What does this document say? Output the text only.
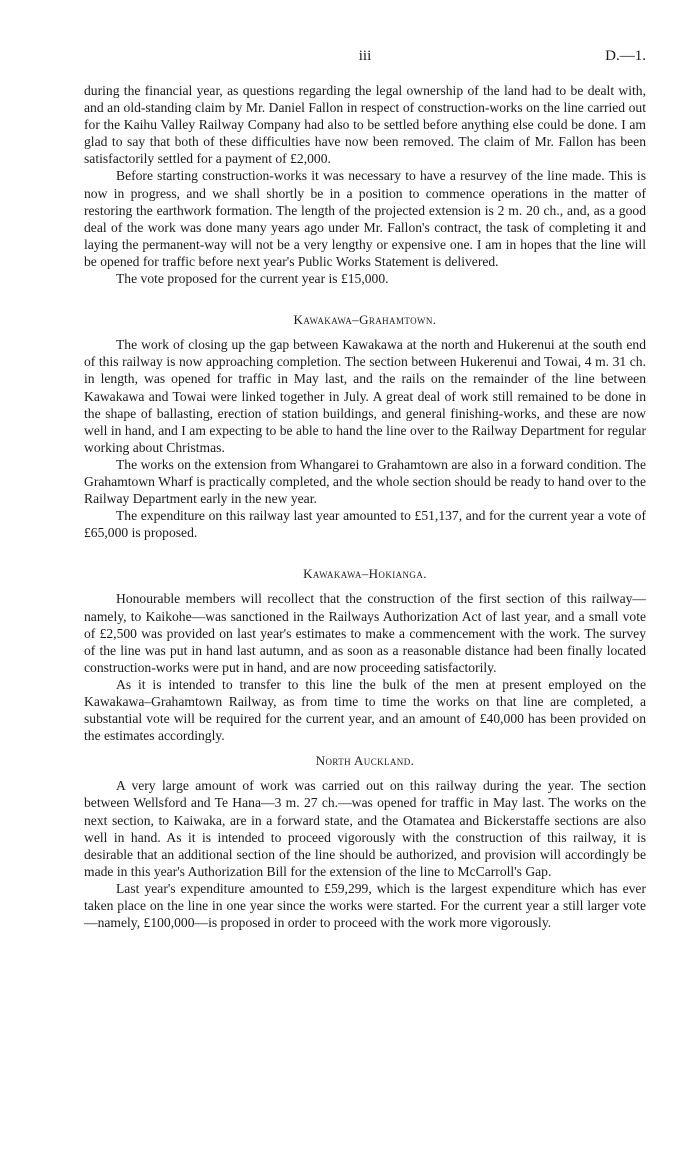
iii	D.—1.

during the financial year, as questions regarding the legal ownership of the land had to be dealt with, and an old-standing claim by Mr. Daniel Fallon in respect of construction-works on the line carried out for the Kaihu Valley Railway Company had also to be settled before anything else could be done. I am glad to say that both of these difficulties have now been removed. The claim of Mr. Fallon has been satisfactorily settled for a payment of £2,000.

Before starting construction-works it was necessary to have a resurvey of the line made. This is now in progress, and we shall shortly be in a position to commence operations in the matter of restoring the earthwork formation. The length of the projected extension is 2 m. 20 ch., and, as a good deal of the work was done many years ago under Mr. Fallon's contract, the task of completing it and laying the permanent-way will not be a very lengthy or expensive one. I am in hopes that the line will be opened for traffic before next year's Public Works Statement is delivered.

The vote proposed for the current year is £15,000.

Kawakawa–Grahamtown.

The work of closing up the gap between Kawakawa at the north and Hukerenui at the south end of this railway is now approaching completion. The section between Hukerenui and Towai, 4 m. 31 ch. in length, was opened for traffic in May last, and the rails on the remainder of the line between Kawakawa and Towai were linked together in July. A great deal of work still remained to be done in the shape of ballasting, erection of station buildings, and general finishing-works, and these are now well in hand, and I am expecting to be able to hand the line over to the Railway Department for regular working about Christmas.

The works on the extension from Whangarei to Grahamtown are also in a forward condition. The Grahamtown Wharf is practically completed, and the whole section should be ready to hand over to the Railway Department early in the new year.

The expenditure on this railway last year amounted to £51,137, and for the current year a vote of £65,000 is proposed.

Kawakawa–Hokianga.

Honourable members will recollect that the construction of the first section of this railway—namely, to Kaikohe—was sanctioned in the Railways Authorization Act of last year, and a small vote of £2,500 was provided on last year's estimates to make a commencement with the work. The survey of the line was put in hand last autumn, and as soon as a reasonable distance had been finally located construction-works were put in hand, and are now proceeding satisfactorily.

As it is intended to transfer to this line the bulk of the men at present employed on the Kawakawa–Grahamtown Railway, as from time to time the works on that line are completed, a substantial vote will be required for the current year, and an amount of £40,000 has been provided on the estimates accordingly.

North Auckland.

A very large amount of work was carried out on this railway during the year. The section between Wellsford and Te Hana—3 m. 27 ch.—was opened for traffic in May last. The works on the next section, to Kaiwaka, are in a forward state, and the Otamatea and Bickerstaffe sections are also well in hand. As it is intended to proceed vigorously with the construction of this railway, it is desirable that an additional section of the line should be authorized, and provision will accordingly be made in this year's Authorization Bill for the extension of the line to McCarroll's Gap.

Last year's expenditure amounted to £59,299, which is the largest expenditure which has ever taken place on the line in one year since the works were started. For the current year a still larger vote—namely, £100,000—is proposed in order to proceed with the work more vigorously.
